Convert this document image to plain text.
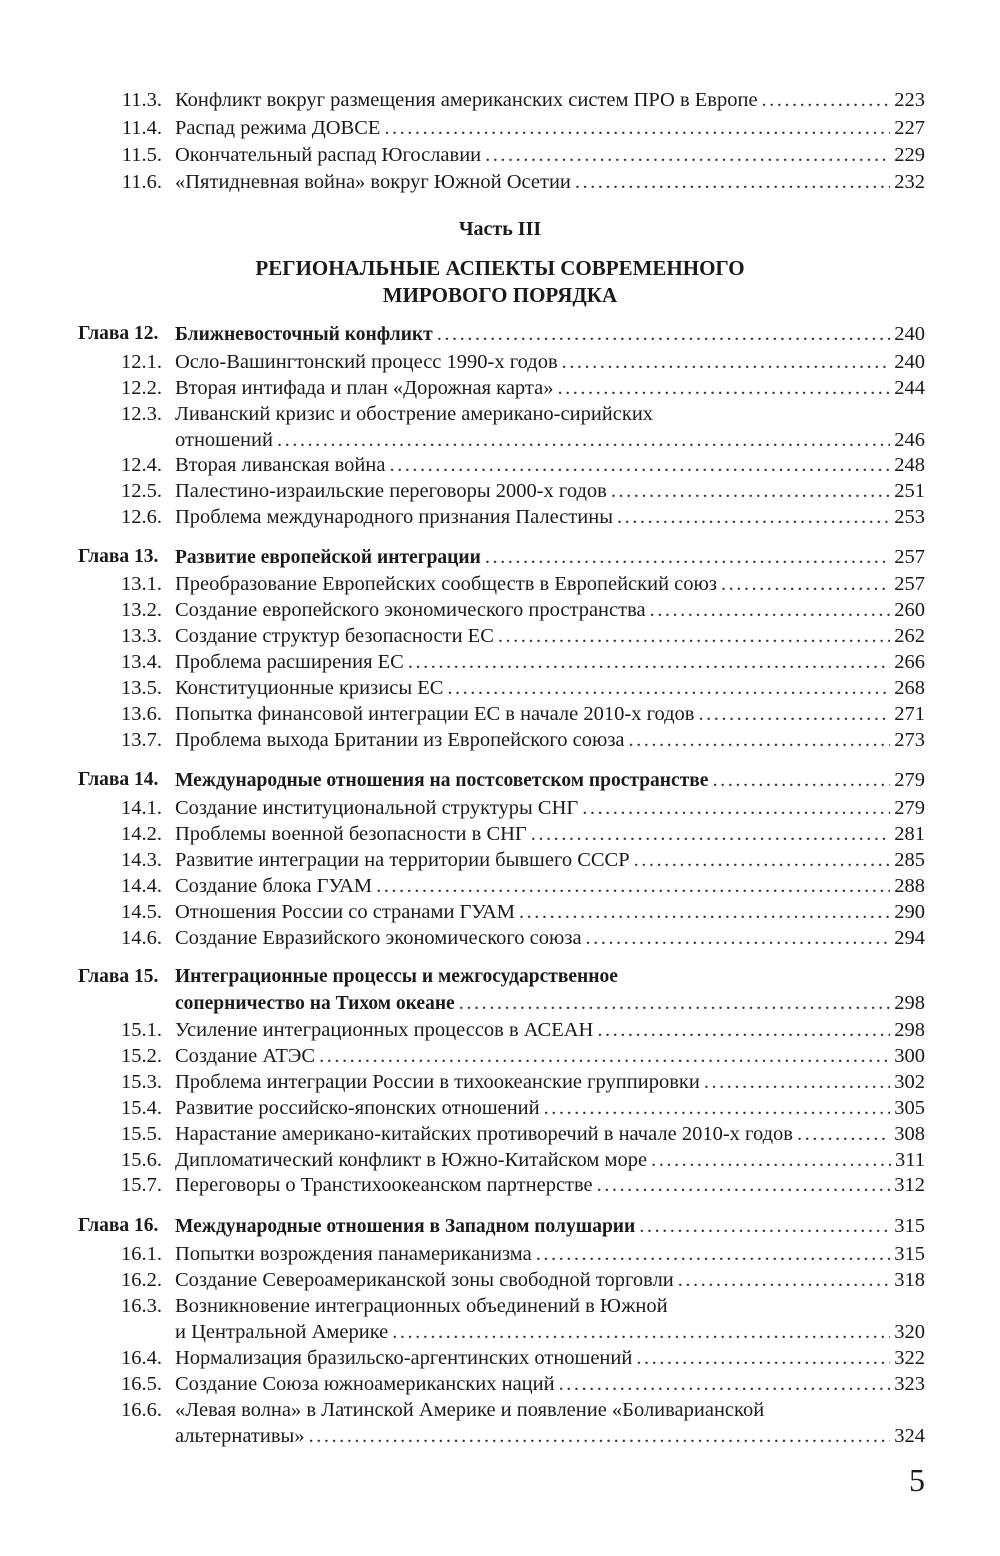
11.3. Конфликт вокруг размещения американских систем ПРО в Европе .....	223
11.4. Распад режима ДОВСЕ .....	227
11.5. Окончательный распад Югославии .....	229
11.6. «Пятидневная война» вокруг Южной Осетии .....	232
Часть III
РЕГИОНАЛЬНЫЕ АСПЕКТЫ СОВРЕМЕННОГО
МИРОВОГО ПОРЯДКА
Глава 12. Ближневосточный конфликт .....	240
12.1. Осло-Вашингтонский процесс 1990-х годов .....	240
12.2. Вторая интифада и план «Дорожная карта» .....	244
12.3. Ливанский кризис и обострение американо-сирийских
отношений .....	246
12.4. Вторая ливанская война .....	248
12.5. Палестино-израильские переговоры 2000-х годов .....	251
12.6. Проблема международного признания Палестины .....	253
Глава 13. Развитие европейской интеграции .....	257
13.1. Преобразование Европейских сообществ в Европейский союз .....	257
13.2. Создание европейского экономического пространства .....	260
13.3. Создание структур безопасности ЕС .....	262
13.4. Проблема расширения ЕС .....	266
13.5. Конституционные кризисы ЕС .....	268
13.6. Попытка финансовой интеграции ЕС в начале 2010-х годов .....	271
13.7. Проблема выхода Британии из Европейского союза .....	273
Глава 14. Международные отношения на постсоветском пространстве .....	279
14.1. Создание институциональной структуры СНГ .....	279
14.2. Проблемы военной безопасности в СНГ .....	281
14.3. Развитие интеграции на территории бывшего СССР .....	285
14.4. Создание блока ГУАМ .....	288
14.5. Отношения России со странами ГУАМ .....	290
14.6. Создание Евразийского экономического союза .....	294
Глава 15. Интеграционные процессы и межгосударственное
соперничество на Тихом океане .....	298
15.1. Усиление интеграционных процессов в АСЕАН .....	298
15.2. Создание АТЭС .....	300
15.3. Проблема интеграции России в тихоокеанские группировки .....	302
15.4. Развитие российско-японских отношений .....	305
15.5. Нарастание американо-китайских противоречий в начале 2010-х годов .....	308
15.6. Дипломатический конфликт в Южно-Китайском море .....	311
15.7. Переговоры о Транстихоокеанском партнерстве .....	312
Глава 16. Международные отношения в Западном полушарии .....	315
16.1. Попытки возрождения панамериканизма .....	315
16.2. Создание Североамериканской зоны свободной торговли .....	318
16.3. Возникновение интеграционных объединений в Южной
и Центральной Америке .....	320
16.4. Нормализация бразильско-аргентинских отношений .....	322
16.5. Создание Союза южноамериканских наций .....	323
16.6. «Левая волна» в Латинской Америке и появление «Боливарианской
альтернативы» .....	324
5
